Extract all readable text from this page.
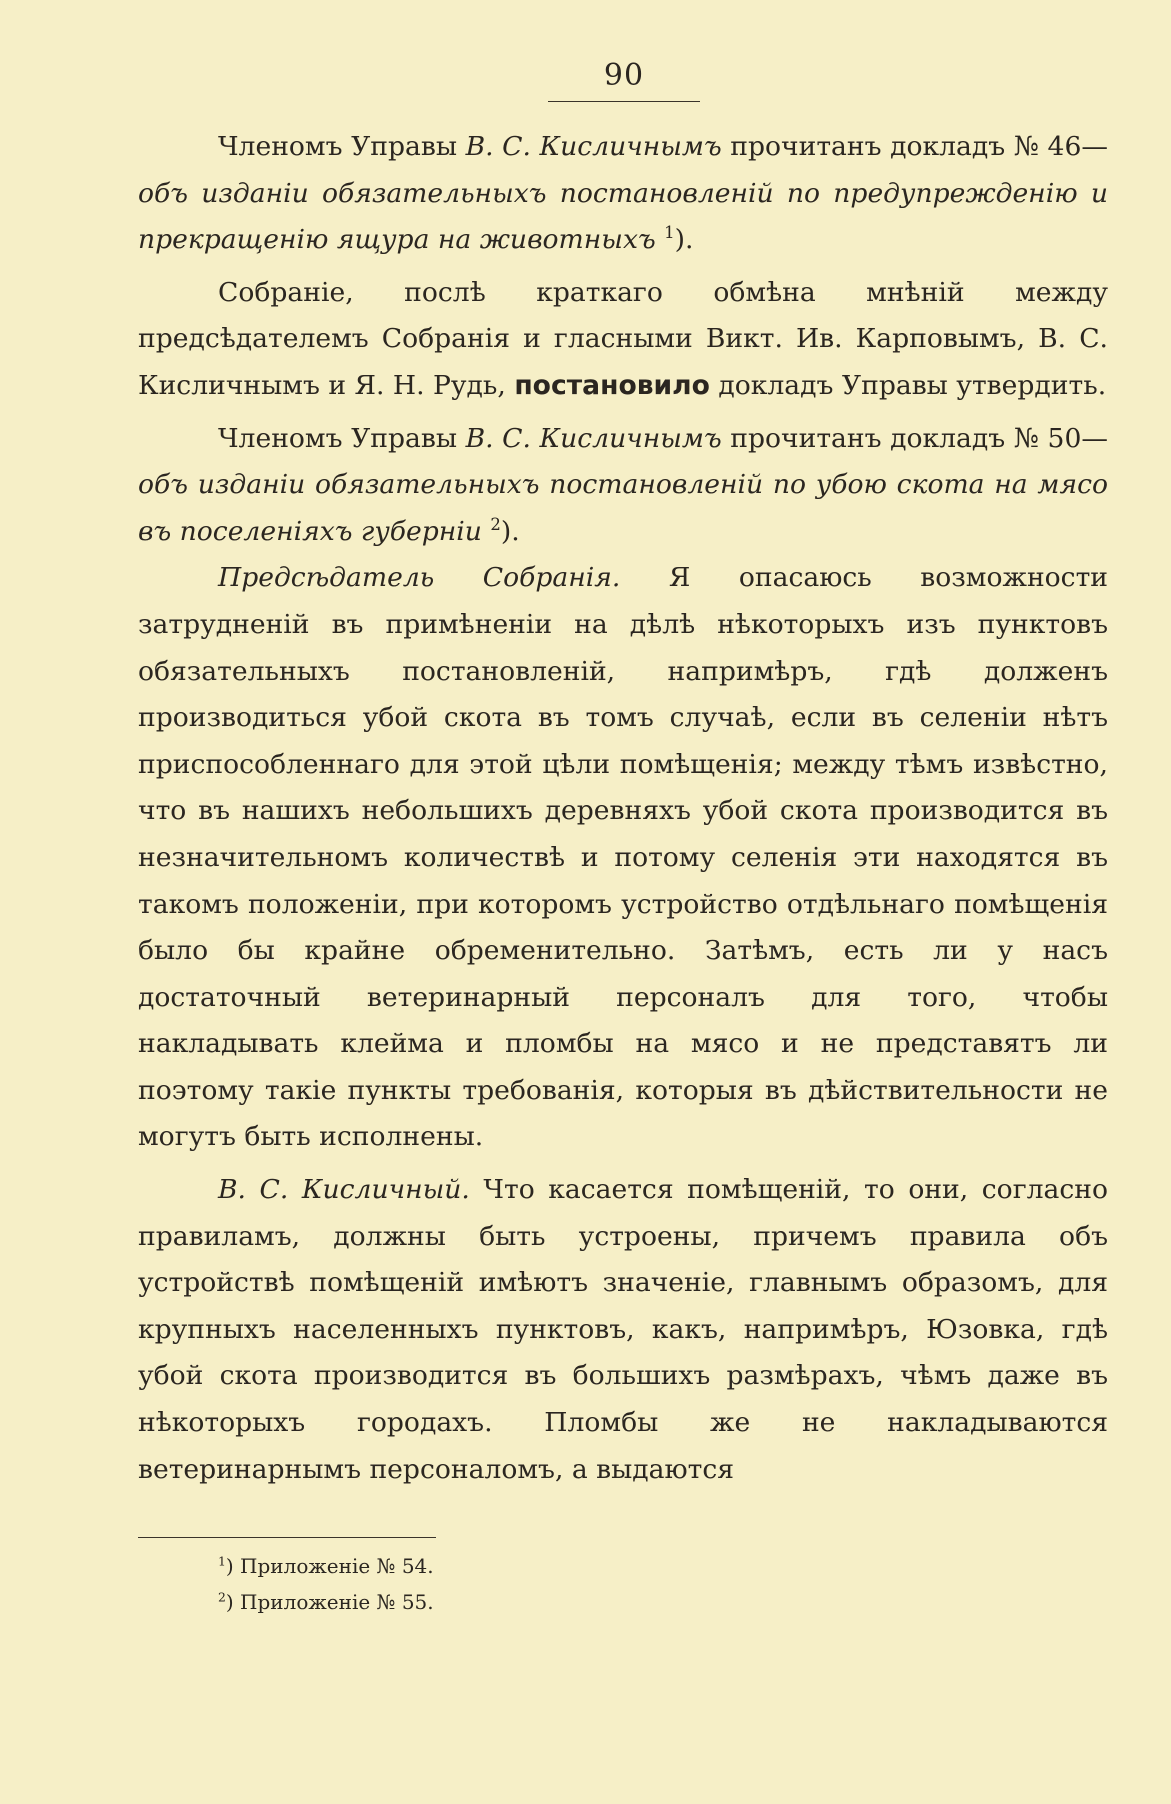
90

Членомъ Управы В. С. Кисличнымъ прочитанъ докладъ № 46—объ изданіи обязательныхъ постановленій по предупрежденію и прекращенію ящура на животныхъ $^1$).

Собраніе, послѣ краткаго обмѣна мнѣній между предсѣдателемъ Собранія и гласными Викт. Ив. Карповымъ, В. С. Кисличнымъ и Я. Н. Рудь, постановило докладъ Управы утвердить.

Членомъ Управы В. С. Кисличнымъ прочитанъ докладъ № 50—объ изданіи обязательныхъ постановленій по убою скота на мясо въ поселеніяхъ губерніи $^2$).

Предсѣдатель Собранія. Я опасаюсь возможности затрудненій въ примѣненіи на дѣлѣ нѣкоторыхъ изъ пунктовъ обязательныхъ постановленій, напримѣръ, гдѣ долженъ производиться убой скота въ томъ случаѣ, если въ селеніи нѣтъ приспособленнаго для этой цѣли помѣщенія; между тѣмъ извѣстно, что въ нашихъ небольшихъ деревняхъ убой скота производится въ незначительномъ количествѣ и потому селенія эти находятся въ такомъ положеніи, при которомъ устройство отдѣльнаго помѣщенія было бы крайне обременительно. Затѣмъ, есть ли у насъ достаточный ветеринарный персоналъ для того, чтобы накладывать клейма и пломбы на мясо и не представятъ ли поэтому такіе пункты требованія, которыя въ дѣйствительности не могутъ быть исполнены.

В. С. Кисличный. Что касается помѣщеній, то они, согласно правиламъ, должны быть устроены, причемъ правила объ устройствѣ помѣщеній имѣютъ значеніе, главнымъ образомъ, для крупныхъ населенныхъ пунктовъ, какъ, напримѣръ, Юзовка, гдѣ убой скота производится въ большихъ размѣрахъ, чѣмъ даже въ нѣкоторыхъ городахъ. Пломбы же не накладываются ветеринарнымъ персоналомъ, а выдаются

$^1$) Приложеніе № 54.
$^2$) Приложеніе № 55.
